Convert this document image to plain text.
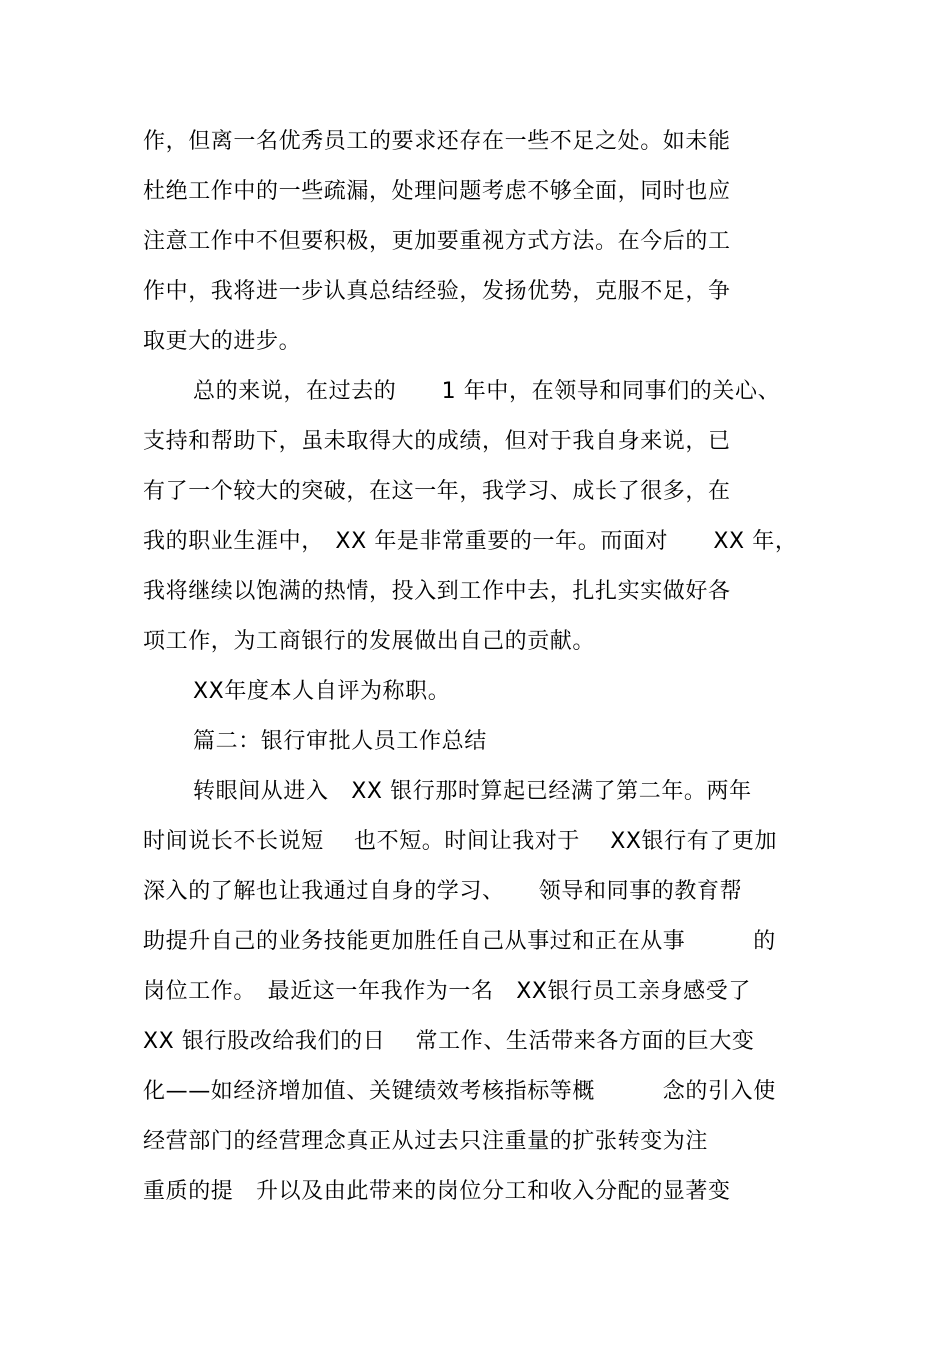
作，但离一名优秀员工的要求还存在一些不足之处。如未能
杜绝工作中的一些疏漏，处理问题考虑不够全面，同时也应
注意工作中不但要积极，更加要重视方式方法。在今后的工
作中，我将进一步认真总结经验，发扬优势，克服不足，争
取更大的进步。
总的来说，在过去的　　1 年中，在领导和同事们的关心、
支持和帮助下，虽未取得大的成绩，但对于我自身来说，已
有了一个较大的突破，在这一年，我学习、成长了很多，在
我的职业生涯中，　XX 年是非常重要的一年。而面对　　XX 年，
我将继续以饱满的热情，投入到工作中去，扎扎实实做好各
项工作，为工商银行的发展做出自己的贡献。
XX年度本人自评为称职。
篇二：银行审批人员工作总结
转眼间从进入　XX 银行那时算起已经满了第二年。两年
时间说长不长说短　 也不短。时间让我对于　 XX银行有了更加
深入的了解也让我通过自身的学习、　　领导和同事的教育帮
助提升自己的业务技能更加胜任自己从事过和正在从事　　　的
岗位工作。　最近这一年我作为一名　XX银行员工亲身感受了
XX 银行股改给我们的日　 常工作、生活带来各方面的巨大变
化——如经济增加值、关键绩效考核指标等概　　　念的引入使
经营部门的经营理念真正从过去只注重量的扩张转变为注
重质的提　升以及由此带来的岗位分工和收入分配的显著变
